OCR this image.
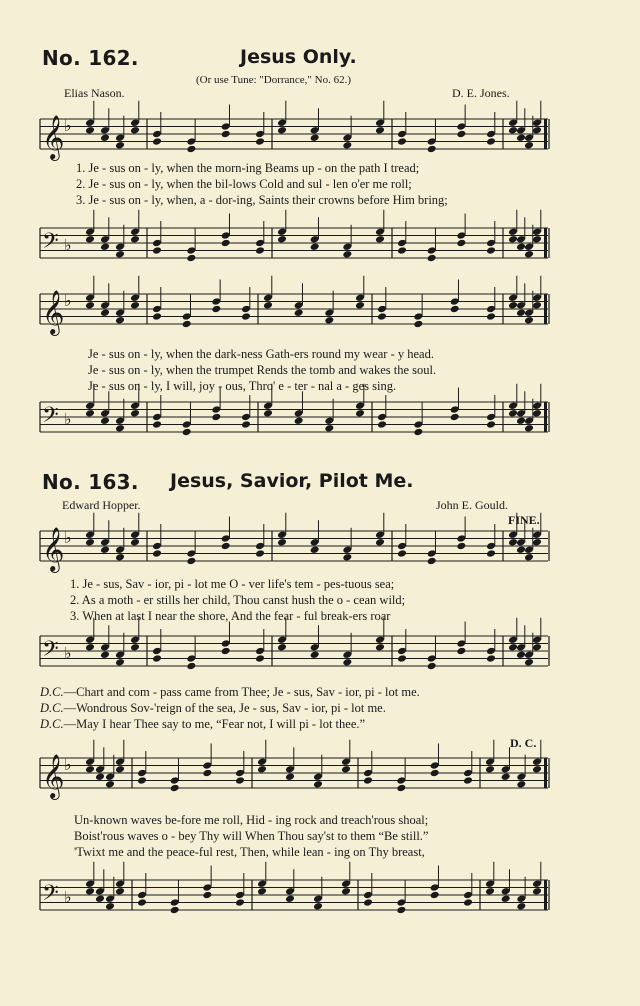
No. 162.	Jesus Only.
(Or use Tune: "Dorrance," No. 62.)
Elias Nason.	D. E. Jones.
𝄞 ♭
𝄢 ♭
1. Je - sus on - ly, when the morn-ing Beams up - on the path I tread;
2. Je - sus on - ly, when the bil-lows Cold and sul - len o'er me roll;
3. Je - sus on - ly, when, a - dor-ing, Saints their crowns before Him bring;
𝄞 ♭
𝄢 ♭
Je - sus on - ly, when the dark-ness Gath-ers round my wear - y head.
Je - sus on - ly, when the trumpet Rends the tomb and wakes the soul.
Je - sus on - ly, I will, joy - ous, Thro' e - ter - nal a - ges sing.
No. 163. Jesus, Savior, Pilot Me.
Edward Hopper.	John E. Gould.
FINE.
𝄞 ♭
𝄢 ♭
1. Je - sus, Sav - ior, pi - lot me O - ver life's tem - pes-tuous sea;
2. As a moth - er stills her child, Thou canst hush the o - cean wild;
3. When at last I near the shore, And the fear - ful break-ers roar
D.C.—Chart and com - pass came from Thee; Je - sus, Sav - ior, pi - lot me.
D.C.—Wondrous Sov-'reign of the sea, Je - sus, Sav - ior, pi - lot me.
D.C.—May I hear Thee say to me, “Fear not, I will pi - lot thee.”
D. C.
𝄞 ♭
𝄢 ♭
Un-known waves be-fore me roll, Hid - ing rock and treach'rous shoal;
Boist'rous waves o - bey Thy will When Thou say'st to them “Be still.”
'Twixt me and the peace-ful rest, Then, while lean - ing on Thy breast,
